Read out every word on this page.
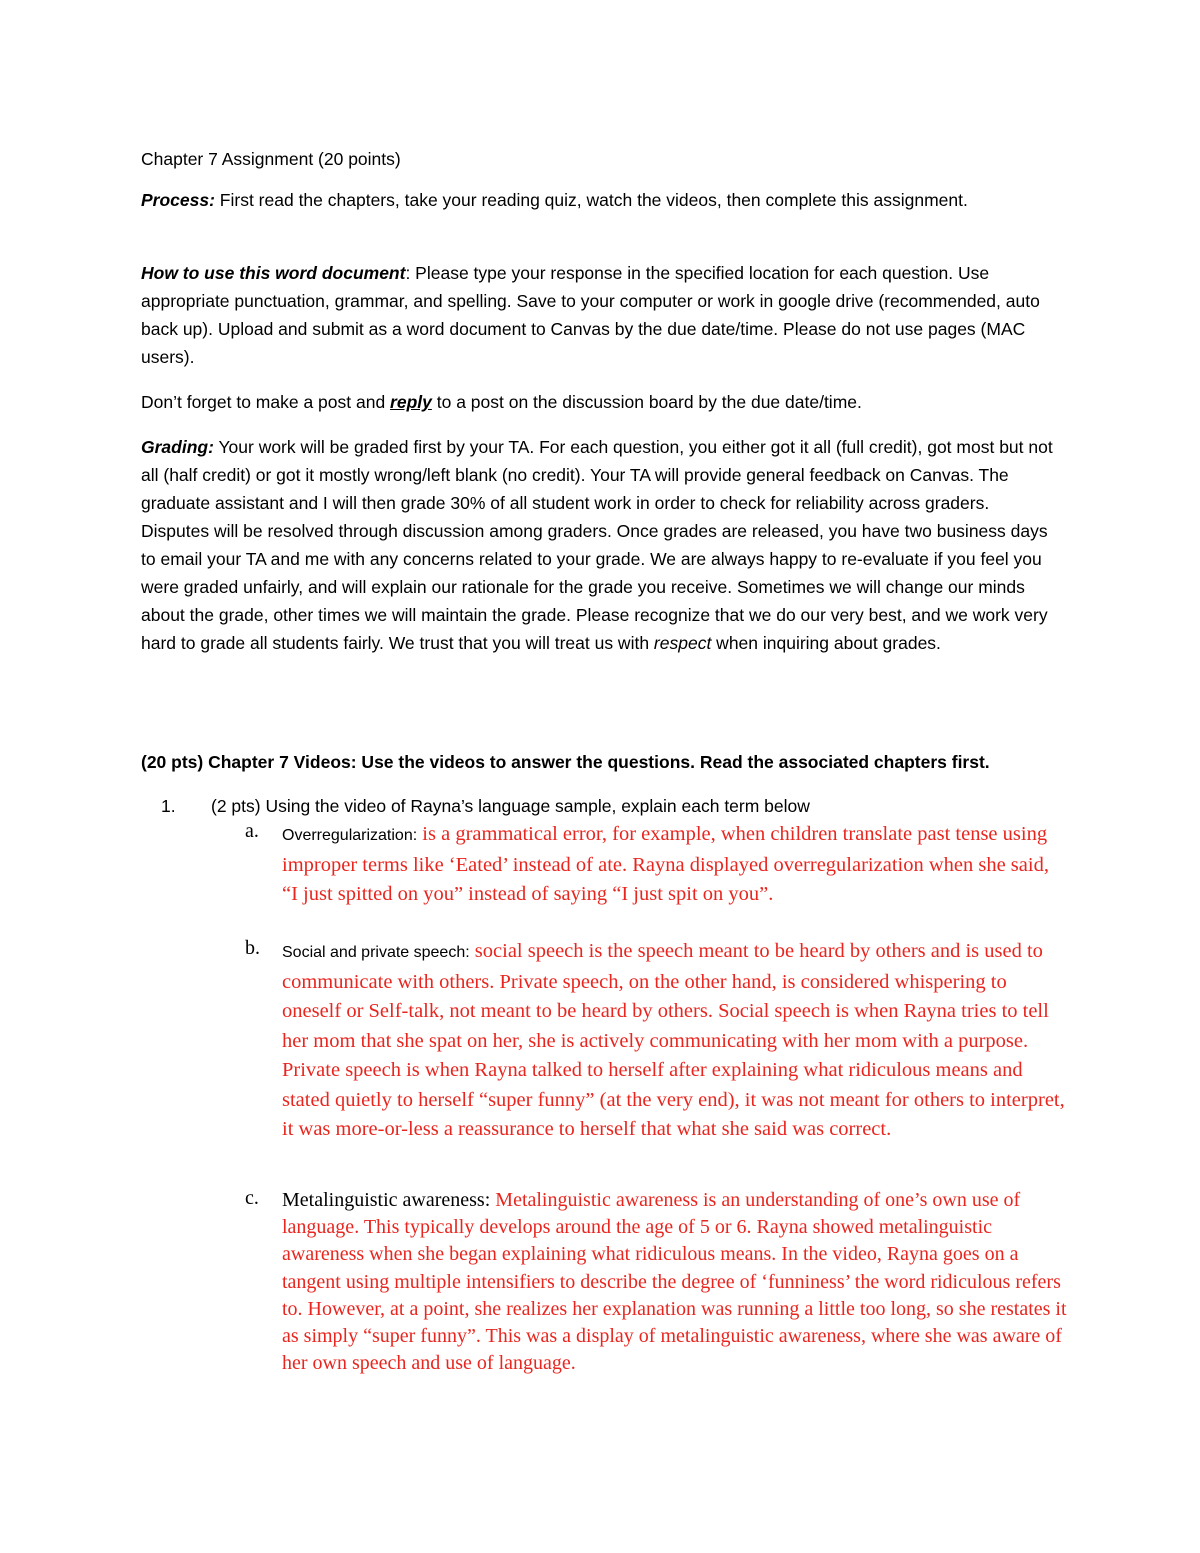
Chapter 7 Assignment (20 points)

Process: First read the chapters, take your reading quiz, watch the videos, then complete this assignment.

How to use this word document: Please type your response in the specified location for each question. Use appropriate punctuation, grammar, and spelling. Save to your computer or work in google drive (recommended, auto back up). Upload and submit as a word document to Canvas by the due date/time. Please do not use pages (MAC users).

Don’t forget to make a post and reply to a post on the discussion board by the due date/time.

Grading: Your work will be graded first by your TA. For each question, you either got it all (full credit), got most but not all (half credit) or got it mostly wrong/left blank (no credit). Your TA will provide general feedback on Canvas. The graduate assistant and I will then grade 30% of all student work in order to check for reliability across graders. Disputes will be resolved through discussion among graders. Once grades are released, you have two business days to email your TA and me with any concerns related to your grade. We are always happy to re-evaluate if you feel you were graded unfairly, and will explain our rationale for the grade you receive. Sometimes we will change our minds about the grade, other times we will maintain the grade. Please recognize that we do our very best, and we work very hard to grade all students fairly. We trust that you will treat us with respect when inquiring about grades.

(20 pts) Chapter 7 Videos: Use the videos to answer the questions. Read the associated chapters first.

1. (2 pts) Using the video of Rayna’s language sample, explain each term below
a. Overregularization: is a grammatical error, for example, when children translate past tense using improper terms like ‘Eated’ instead of ate. Rayna displayed overregularization when she said, “I just spitted on you” instead of saying “I just spit on you”.

b. Social and private speech: social speech is the speech meant to be heard by others and is used to communicate with others. Private speech, on the other hand, is considered whispering to oneself or Self-talk, not meant to be heard by others. Social speech is when Rayna tries to tell her mom that she spat on her, she is actively communicating with her mom with a purpose. Private speech is when Rayna talked to herself after explaining what ridiculous means and stated quietly to herself “super funny” (at the very end), it was not meant for others to interpret, it was more-or-less a reassurance to herself that what she said was correct.

c. Metalinguistic awareness: Metalinguistic awareness is an understanding of one’s own use of language. This typically develops around the age of 5 or 6. Rayna showed metalinguistic awareness when she began explaining what ridiculous means. In the video, Rayna goes on a tangent using multiple intensifiers to describe the degree of ‘funniness’ the word ridiculous refers to. However, at a point, she realizes her explanation was running a little too long, so she restates it as simply “super funny”. This was a display of metalinguistic awareness, where she was aware of her own speech and use of language.
